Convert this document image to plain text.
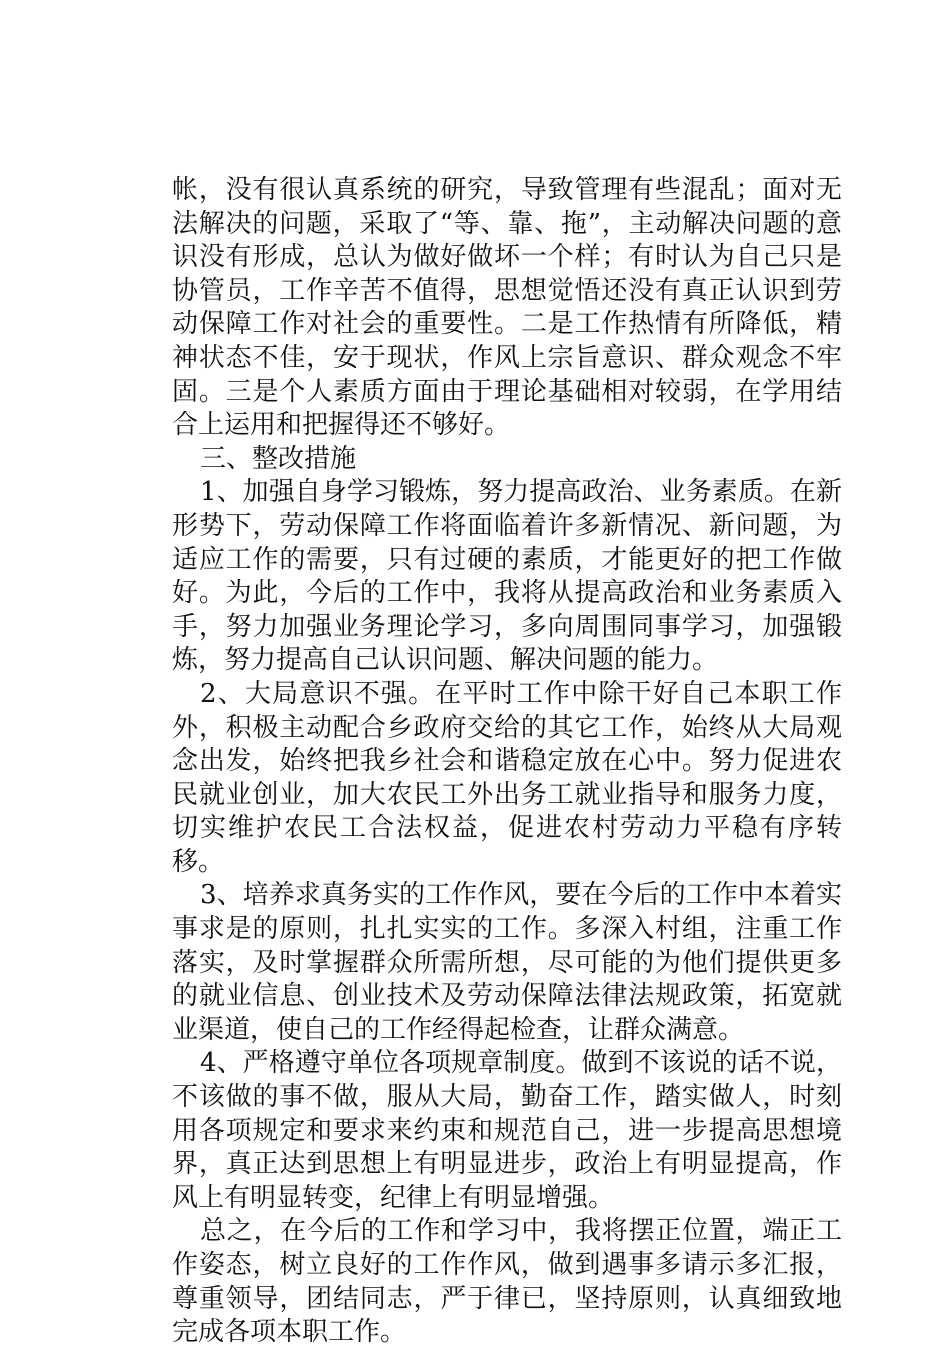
帐，没有很认真系统的研究，导致管理有些混乱；面对无法解决的问题，采取了“等、靠、拖”，主动解决问题的意识没有形成，总认为做好做坏一个样；有时认为自己只是协管员，工作辛苦不值得，思想觉悟还没有真正认识到劳动保障工作对社会的重要性。二是工作热情有所降低，精神状态不佳，安于现状，作风上宗旨意识、群众观念不牢固。三是个人素质方面由于理论基础相对较弱，在学用结合上运用和把握得还不够好。

三、整改措施

1、加强自身学习锻炼，努力提高政治、业务素质。在新形势下，劳动保障工作将面临着许多新情况、新问题，为适应工作的需要，只有过硬的素质，才能更好的把工作做好。为此，今后的工作中，我将从提高政治和业务素质入手，努力加强业务理论学习，多向周围同事学习，加强锻炼，努力提高自己认识问题、解决问题的能力。

2、大局意识不强。在平时工作中除干好自己本职工作外，积极主动配合乡政府交给的其它工作，始终从大局观念出发，始终把我乡社会和谐稳定放在心中。努力促进农民就业创业，加大农民工外出务工就业指导和服务力度，切实维护农民工合法权益，促进农村劳动力平稳有序转移。

3、培养求真务实的工作作风，要在今后的工作中本着实事求是的原则，扎扎实实的工作。多深入村组，注重工作落实，及时掌握群众所需所想，尽可能的为他们提供更多的就业信息、创业技术及劳动保障法律法规政策，拓宽就业渠道，使自己的工作经得起检查，让群众满意。

4、严格遵守单位各项规章制度。做到不该说的话不说，不该做的事不做，服从大局，勤奋工作，踏实做人，时刻用各项规定和要求来约束和规范自己，进一步提高思想境界，真正达到思想上有明显进步，政治上有明显提高，作风上有明显转变，纪律上有明显增强。

总之，在今后的工作和学习中，我将摆正位置，端正工作姿态，树立良好的工作作风，做到遇事多请示多汇报，尊重领导，团结同志，严于律已，坚持原则，认真细致地完成各项本职工作。
